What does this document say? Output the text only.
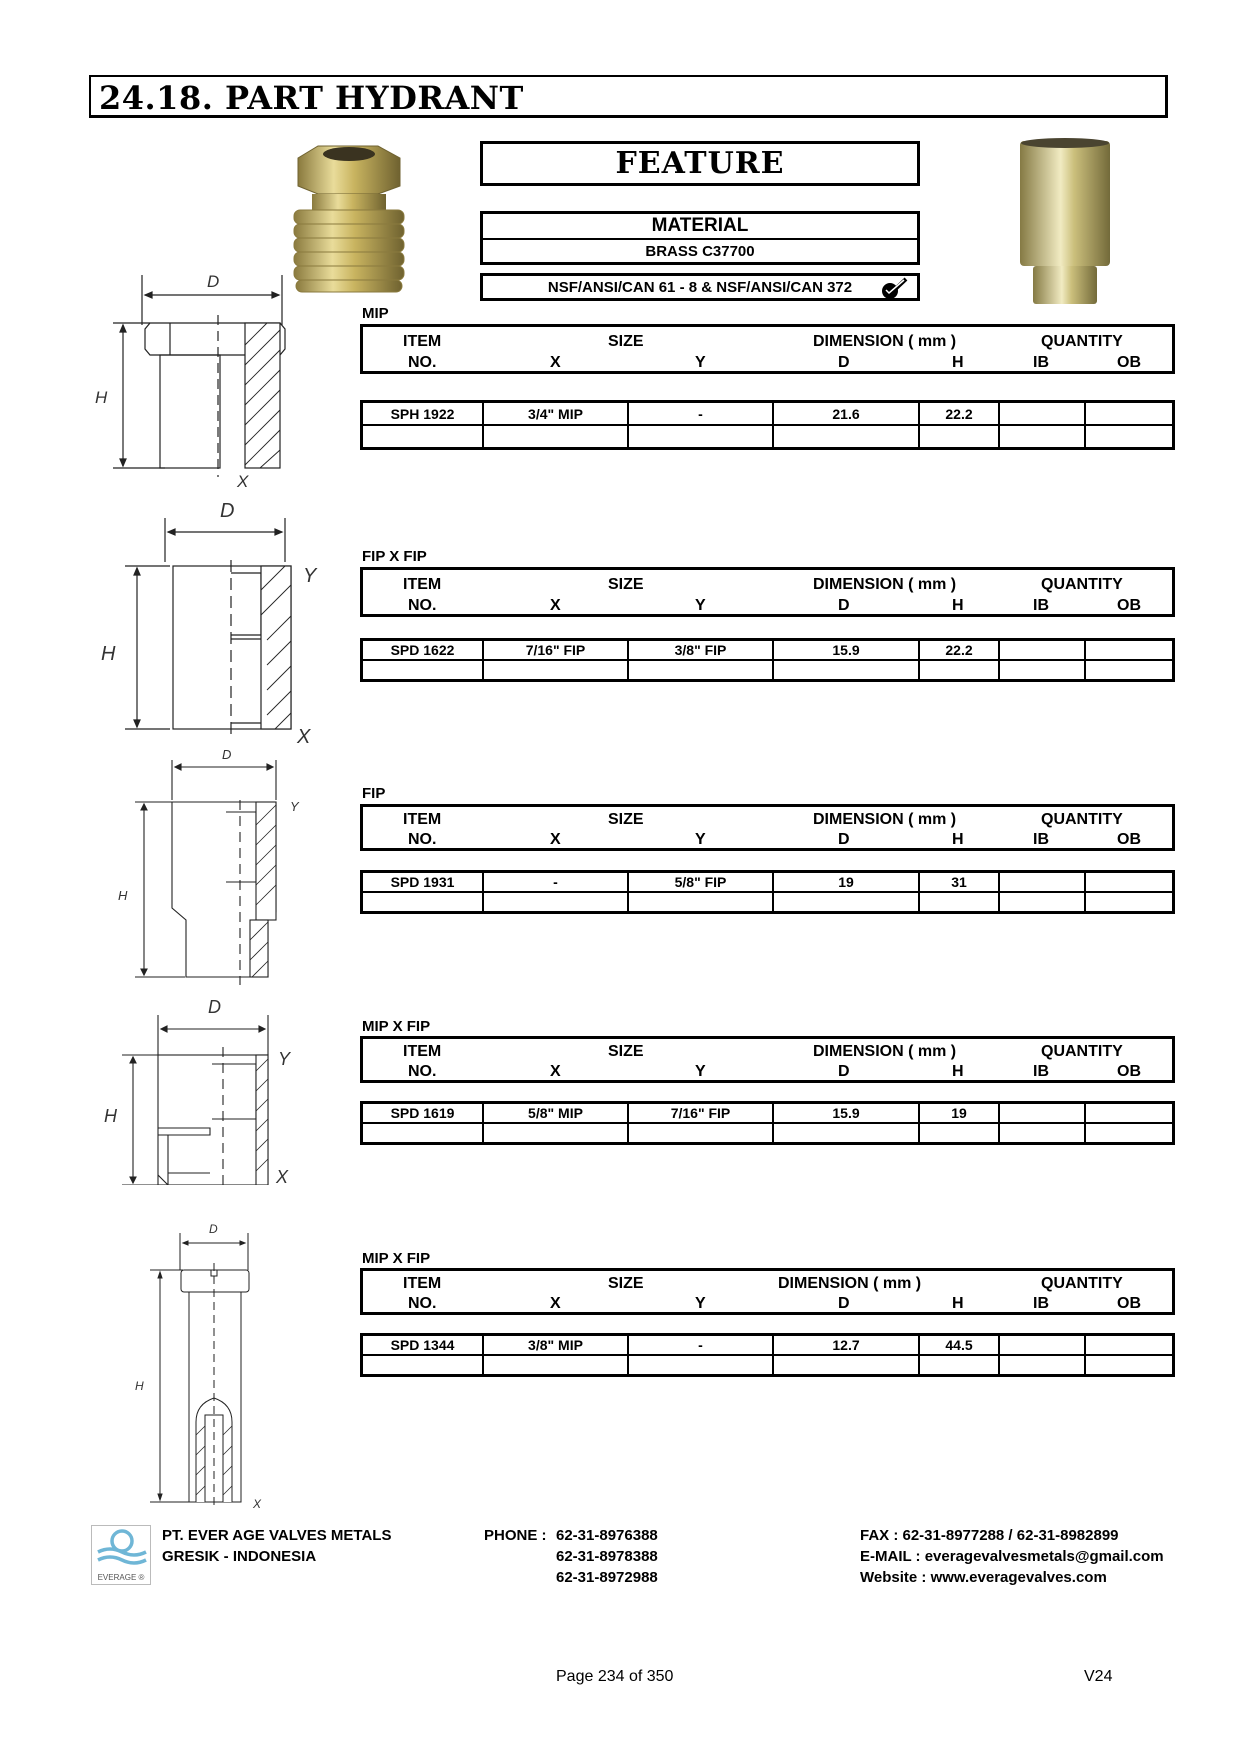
24.18. PART HYDRANT
FEATURE
MATERIAL
BRASS C37700
NSF/ANSI/CAN 61 - 8 & NSF/ANSI/CAN 372
D
H
X
MIP
ITEM
NO.
SIZE
X	Y
DIMENSION ( mm )
D	H
QUANTITY
IB	OB
SPH 1922	3/4" MIP	-	21.6	22.2		

D
H
Y
X
FIP X FIP
ITEM
NO.
SIZE
X	Y
DIMENSION ( mm )
D	H
QUANTITY
IB	OB
SPD 1622	7/16" FIP	3/8" FIP	15.9	22.2		

D
H
Y
FIP
ITEM
NO.
SIZE
X	Y
DIMENSION ( mm )
D	H
QUANTITY
IB	OB
SPD 1931	-	5/8" FIP	19	31		

D
H
Y
X
MIP X FIP
ITEM
NO.
SIZE
X	Y
DIMENSION ( mm )
D	H
QUANTITY
IB	OB
SPD 1619	5/8" MIP	7/16" FIP	15.9	19		

D
H
X
MIP X FIP
ITEM
NO.
SIZE
X	Y
DIMENSION ( mm )
D	H
QUANTITY
IB	OB
SPD 1344	3/8" MIP	-	12.7	44.5		

EVERAGE ®
PT. EVER AGE VALVES METALS
GRESIK - INDONESIA
PHONE : 62-31-8976388
62-31-8978388
62-31-8972988
FAX : 62-31-8977288 / 62-31-8982899
E-MAIL : everagevalvesmetals@gmail.com
Website : www.everagevalves.com
Page 234 of 350	V24
